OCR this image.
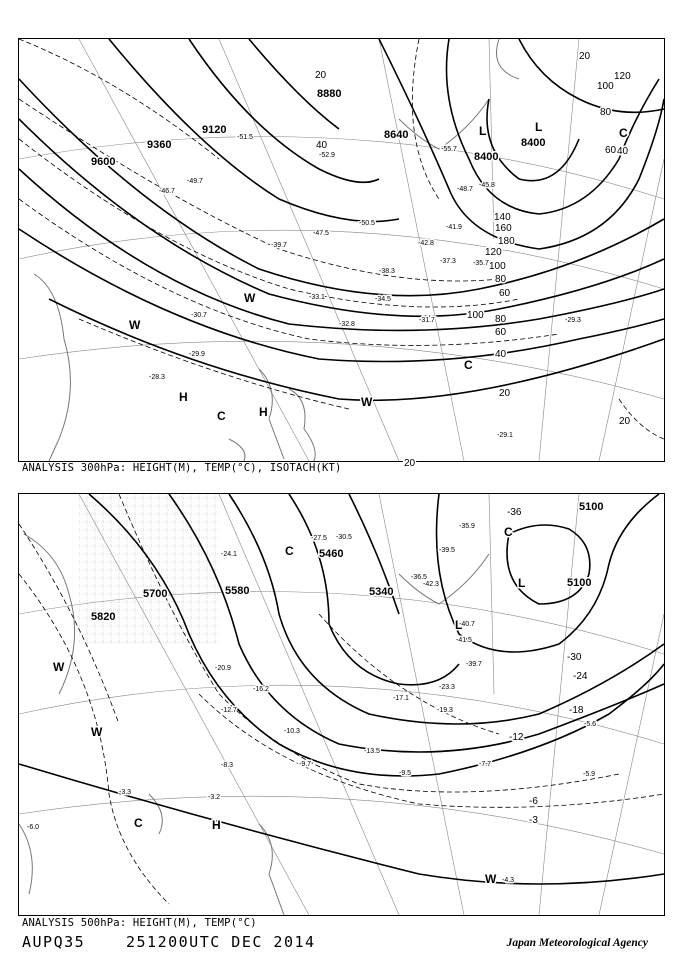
8880
9120
9360
9600
8640
8400
8400
20
40
60
80
100
120
140
160
180
100 80
60
40
20
20
20
20
40
60
80
100
120
-51.5
-52.9
-49.7
-46.7
-42.8
-41.9
-37.3 -35.7
-33.1	-34.5
-30.7
-31.7
-32.8
-29.9
-28.3
-29.3
-29.1
-55.7
-48.7
-45.8
-50.5
-47.5
-39.7
-38.3
L	L
H
H
C
C
C
W
W
W
ANALYSIS 300hPa: HEIGHT(M), TEMP(°C), ISOTACH(KT)
5700
5820
5580
5460
5340
5100
5100
-36
-30
-24
-18
-12
-6
-3
-35.9
-39.5
-36.5
-40.7
-41.5
-42.3
-39.7
-30.5
-27.5
-24.1
-20.9
-16.2
-12.7
-10.3
-9.7
-9.5
-8.3
-5.6
-5.9
-7.7
-13.5
-4.3
-3.3
-3.2
-6.0
-17.1
-19.3
-23.3
L
L
H
C
C
C
W
W
W
ANALYSIS 500hPa: HEIGHT(M), TEMP(°C)
AUPQ35	251200UTC DEC 2014	Japan Meteorological Agency
